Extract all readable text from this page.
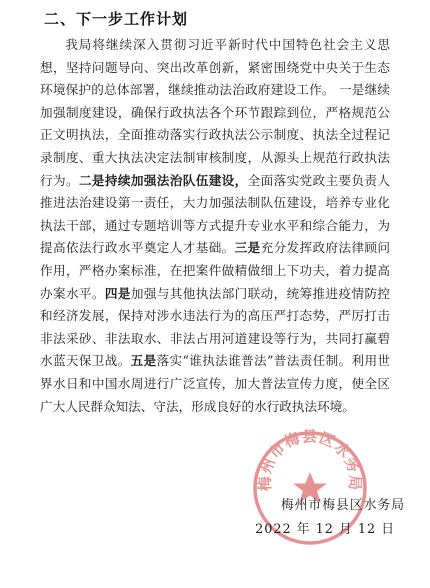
二、下一步工作计划

我局将继续深入贯彻习近平新时代中国特色社会主义思想，坚持问题导向、突出改革创新，紧密围绕党中央关于生态环境保护的总体部署，继续推动法治政府建设工作。 一是继续加强制度建设，确保行政执法各个环节跟踪到位，严格规范公正文明执法，全面推动落实行政执法公示制度、执法全过程记录制度、重大执法决定法制审核制度，从源头上规范行政执法行为。二是持续加强法治队伍建设，全面落实党政主要负责人推进法治建设第一责任，大力加强法制队伍建设，培养专业化执法干部，通过专题培训等方式提升专业水平和综合能力，为提高依法行政水平奠定人才基础。三是充分发挥政府法律顾问作用，严格办案标准，在把案件做精做细上下功夫，着力提高办案水平。四是加强与其他执法部门联动，统筹推进疫情防控和经济发展，保持对涉水违法行为的高压严打态势，严厉打击非法采砂、非法取水、非法占用河道建设等行为，共同打赢碧水蓝天保卫战。五是落实“谁执法谁普法”普法责任制。利用世界水日和中国水周进行广泛宣传，加大普法宣传力度，使全区广大人民群众知法、守法，形成良好的水行政执法环境。

梅州市梅县区水务局
梅州市梅县区水务局
2022 年 12 月 12 日
